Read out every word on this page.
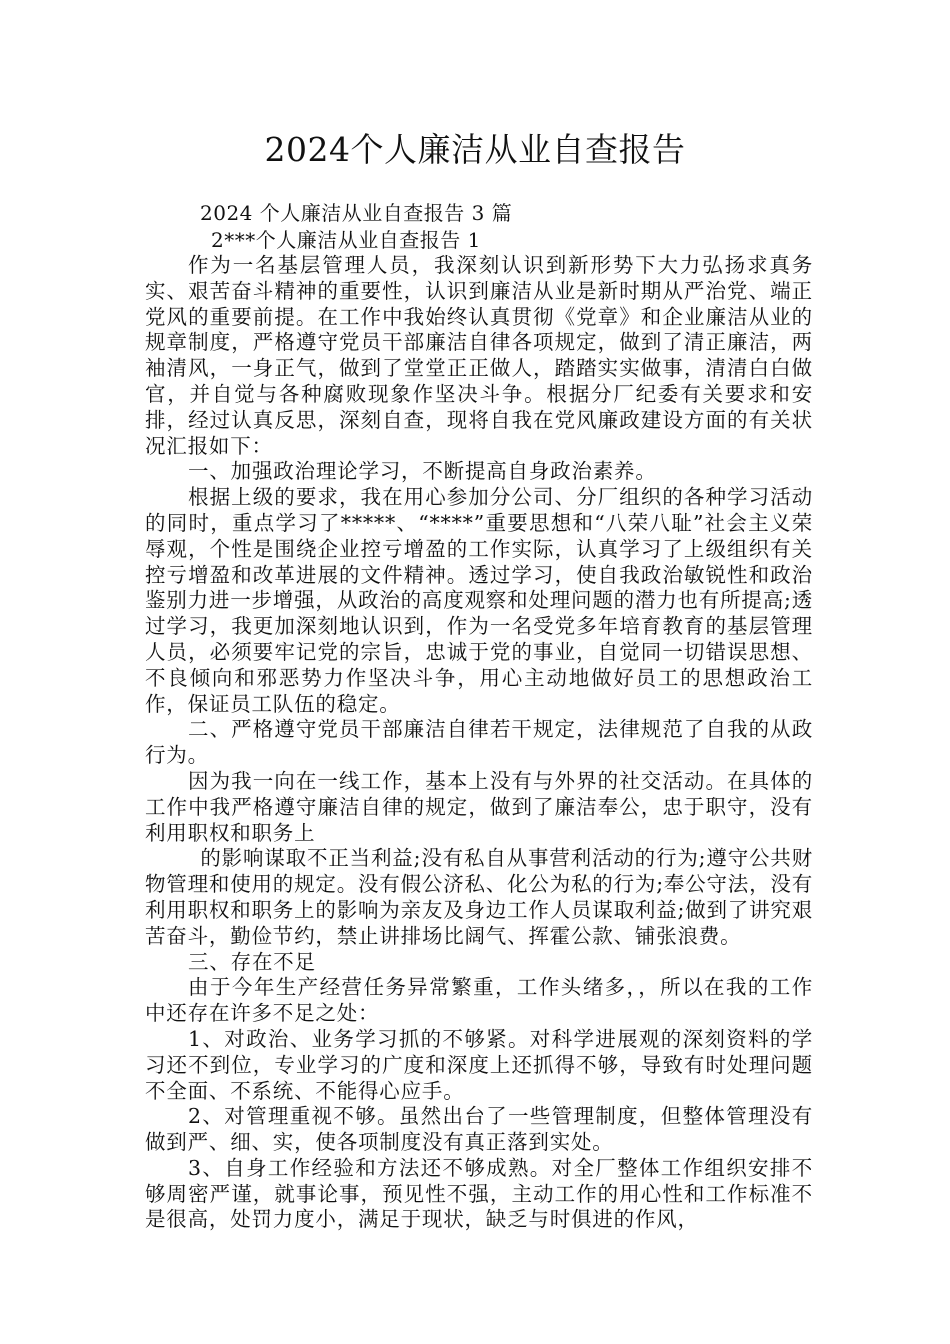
2024个人廉洁从业自查报告
2024 个人廉洁从业自查报告 3 篇
2***个人廉洁从业自查报告 1

作为一名基层管理人员，我深刻认识到新形势下大力弘扬求真务实、艰苦奋斗精神的重要性，认识到廉洁从业是新时期从严治党、端正党风的重要前提。在工作中我始终认真贯彻《党章》和企业廉洁从业的规章制度，严格遵守党员干部廉洁自律各项规定，做到了清正廉洁，两袖清风，一身正气，做到了堂堂正正做人，踏踏实实做事，清清白白做官，并自觉与各种腐败现象作坚决斗争。根据分厂纪委有关要求和安排，经过认真反思，深刻自查，现将自我在党风廉政建设方面的有关状况汇报如下：

一、加强政治理论学习，不断提高自身政治素养。

根据上级的要求，我在用心参加分公司、分厂组织的各种学习活动的同时，重点学习了*****、“****”重要思想和“八荣八耻”社会主义荣辱观，个性是围绕企业控亏增盈的工作实际，认真学习了上级组织有关控亏增盈和改革进展的文件精神。透过学习，使自我政治敏锐性和政治鉴别力进一步增强，从政治的高度观察和处理问题的潜力也有所提高;透过学习，我更加深刻地认识到，作为一名受党多年培育教育的基层管理人员，必须要牢记党的宗旨，忠诚于党的事业，自觉同一切错误思想、不良倾向和邪恶势力作坚决斗争，用心主动地做好员工的思想政治工作，保证员工队伍的稳定。

二、严格遵守党员干部廉洁自律若干规定，法律规范了自我的从政行为。

因为我一向在一线工作，基本上没有与外界的社交活动。在具体的工作中我严格遵守廉洁自律的规定，做到了廉洁奉公，忠于职守，没有利用职权和职务上

的影响谋取不正当利益;没有私自从事营利活动的行为;遵守公共财物管理和使用的规定。没有假公济私、化公为私的行为;奉公守法，没有利用职权和职务上的影响为亲友及身边工作人员谋取利益;做到了讲究艰苦奋斗，勤俭节约，禁止讲排场比阔气、挥霍公款、铺张浪费。

三、存在不足

由于今年生产经营任务异常繁重，工作头绪多，，所以在我的工作中还存在许多不足之处：

1、对政治、业务学习抓的不够紧。对科学进展观的深刻资料的学习还不到位，专业学习的广度和深度上还抓得不够，导致有时处理问题不全面、不系统、不能得心应手。

2、对管理重视不够。虽然出台了一些管理制度，但整体管理没有做到严、细、实，使各项制度没有真正落到实处。

3、自身工作经验和方法还不够成熟。对全厂整体工作组织安排不够周密严谨，就事论事，预见性不强，主动工作的用心性和工作标准不是很高，处罚力度小，满足于现状，缺乏与时俱进的作风，
